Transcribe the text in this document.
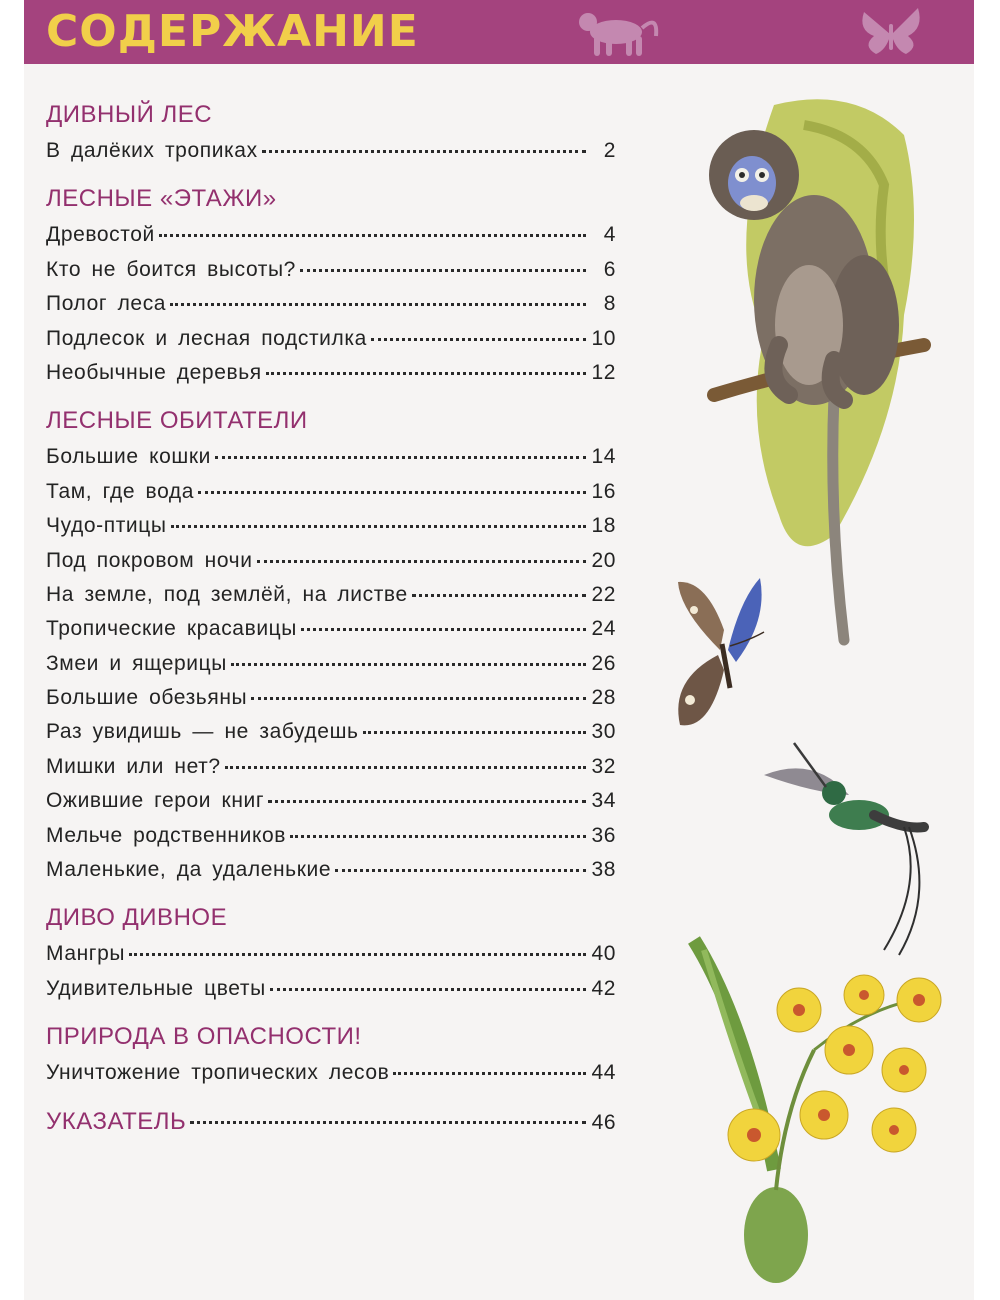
СОДЕРЖАНИЕ
ДИВНЫЙ ЛЕС
В далёких тропиках	2
ЛЕСНЫЕ «ЭТАЖИ»
Древостой	4
Кто не боится высоты?	6
Полог леса	8
Подлесок и лесная подстилка	10
Необычные деревья	12
ЛЕСНЫЕ ОБИТАТЕЛИ
Большие кошки	14
Там, где вода	16
Чудо-птицы	18
Под покровом ночи	20
На земле, под землёй, на листве	22
Тропические красавицы	24
Змеи и ящерицы	26
Большие обезьяны	28
Раз увидишь — не забудешь	30
Мишки или нет?	32
Ожившие герои книг	34
Мельче родственников	36
Маленькие, да удаленькие	38
ДИВО ДИВНОЕ
Мангры	40
Удивительные цветы	42
ПРИРОДА В ОПАСНОСТИ!
Уничтожение тропических лесов	44
УКАЗАТЕЛЬ	46
